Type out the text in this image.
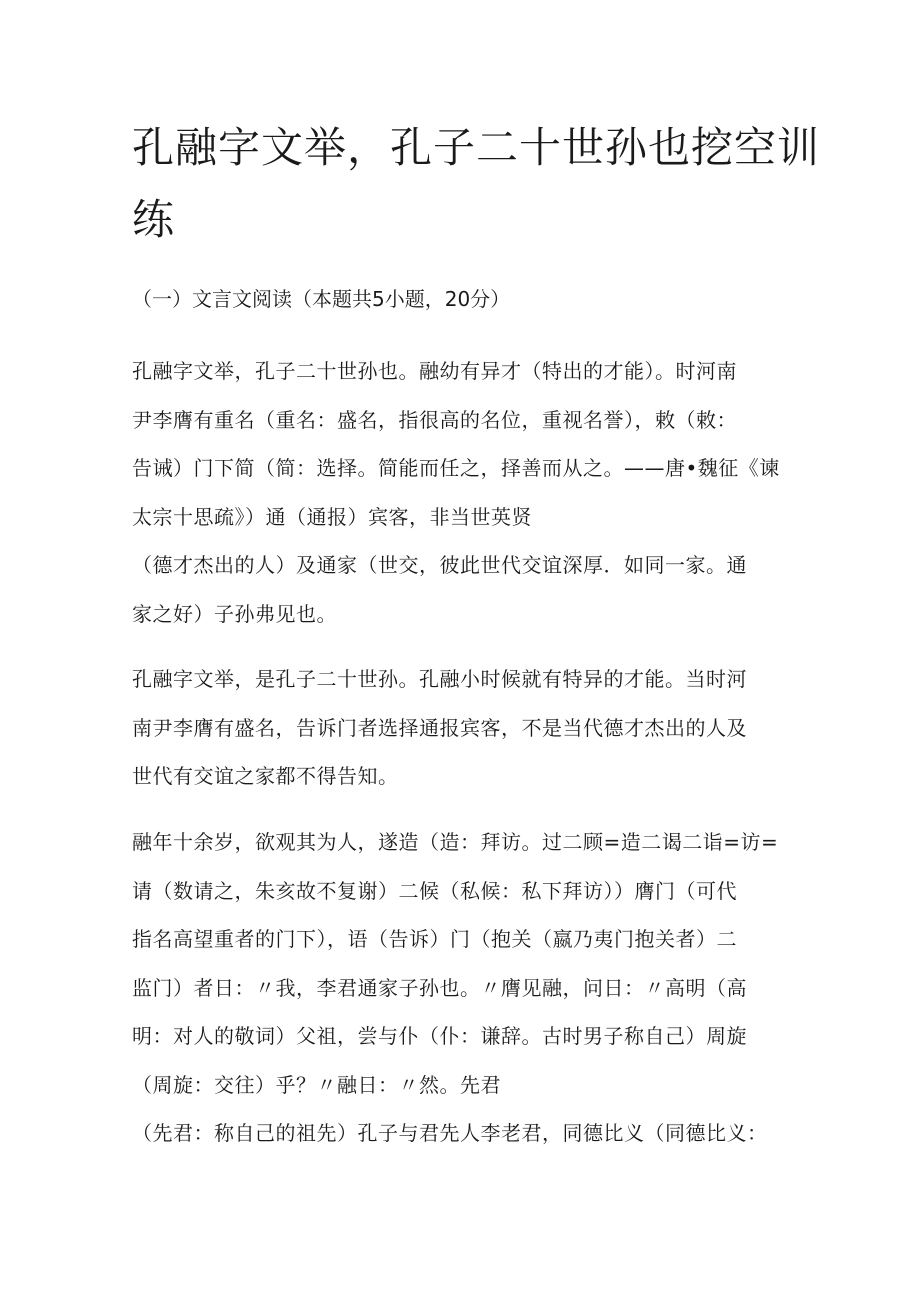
孔融字文举，孔子二十世孙也挖空训
练

（一）文言文阅读（本题共5小题，20分）

孔融字文举，孔子二十世孙也。融幼有异才（特出的才能）。时河南
尹李膺有重名（重名：盛名，指很高的名位，重视名誉），敕（敕：
告诫）门下简（简：选择。简能而任之，择善而从之。——唐•魏征《谏
太宗十思疏》）通（通报）宾客，非当世英贤
（德才杰出的人）及通家（世交，彼此世代交谊深厚．如同一家。通
家之好）子孙弗见也。

孔融字文举，是孔子二十世孙。孔融小时候就有特异的才能。当时河
南尹李膺有盛名，告诉门者选择通报宾客，不是当代德才杰出的人及
世代有交谊之家都不得告知。

融年十余岁，欲观其为人，遂造（造：拜访。过二顾=造二谒二诣=访=
请（数请之，朱亥故不复谢）二候（私候：私下拜访））膺门（可代
指名高望重者的门下），语（告诉）门（抱关（嬴乃夷门抱关者）二
监门）者日：〃我，李君通家子孙也。〃膺见融，问日：〃高明（高
明：对人的敬词）父祖，尝与仆（仆：谦辞。古时男子称自己）周旋
（周旋：交往）乎？〃融日：〃然。先君
（先君：称自己的祖先）孔子与君先人李老君，同德比义（同德比义：
